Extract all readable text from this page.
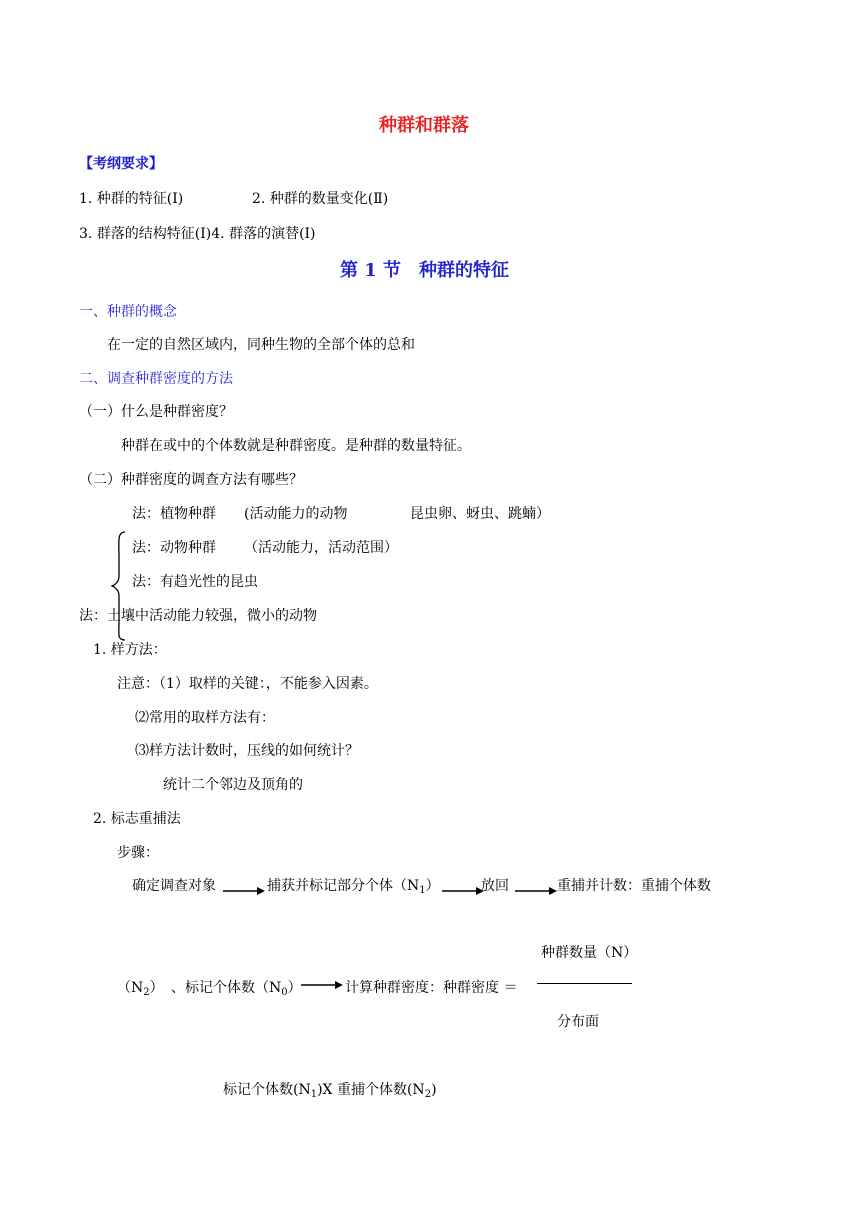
种群和群落
【考纲要求】
1. 种群的特征(Ⅰ)	2. 种群的数量变化(Ⅱ)
3. 群落的结构特征(Ⅰ)4. 群落的演替(Ⅰ)
第 1 节　种群的特征
一、种群的概念
在一定的自然区域内，同种生物的全部个体的总和
二、调查种群密度的方法
（一）什么是种群密度？
种群在或中的个体数就是种群密度。是种群的数量特征。
（二）种群密度的调查方法有哪些？
法：植物种群 (活动能力的动物	昆虫卵、蚜虫、跳蝻）
法：动物种群 （活动能力，活动范围）
法：有趋光性的昆虫
法：土壤中活动能力较强，微小的动物
1. 样方法：
注意：（1）取样的关键：，不能参入因素。
⑵常用的取样方法有：
⑶样方法计数时，压线的如何统计？
统计二个邻边及顶角的
2. 标志重捕法
步骤：
确定调查对象	捕获并标记部分个体$(N_1)$	放回	重捕并计数：重捕个体数
种群数量（N）
分布面
$(N_2)$ 、标记个体数$(N_0)$	计算种群密度：种群密度 ＝
标记个体数$(N_1)X$ 重捕个体数$(N_2)$
